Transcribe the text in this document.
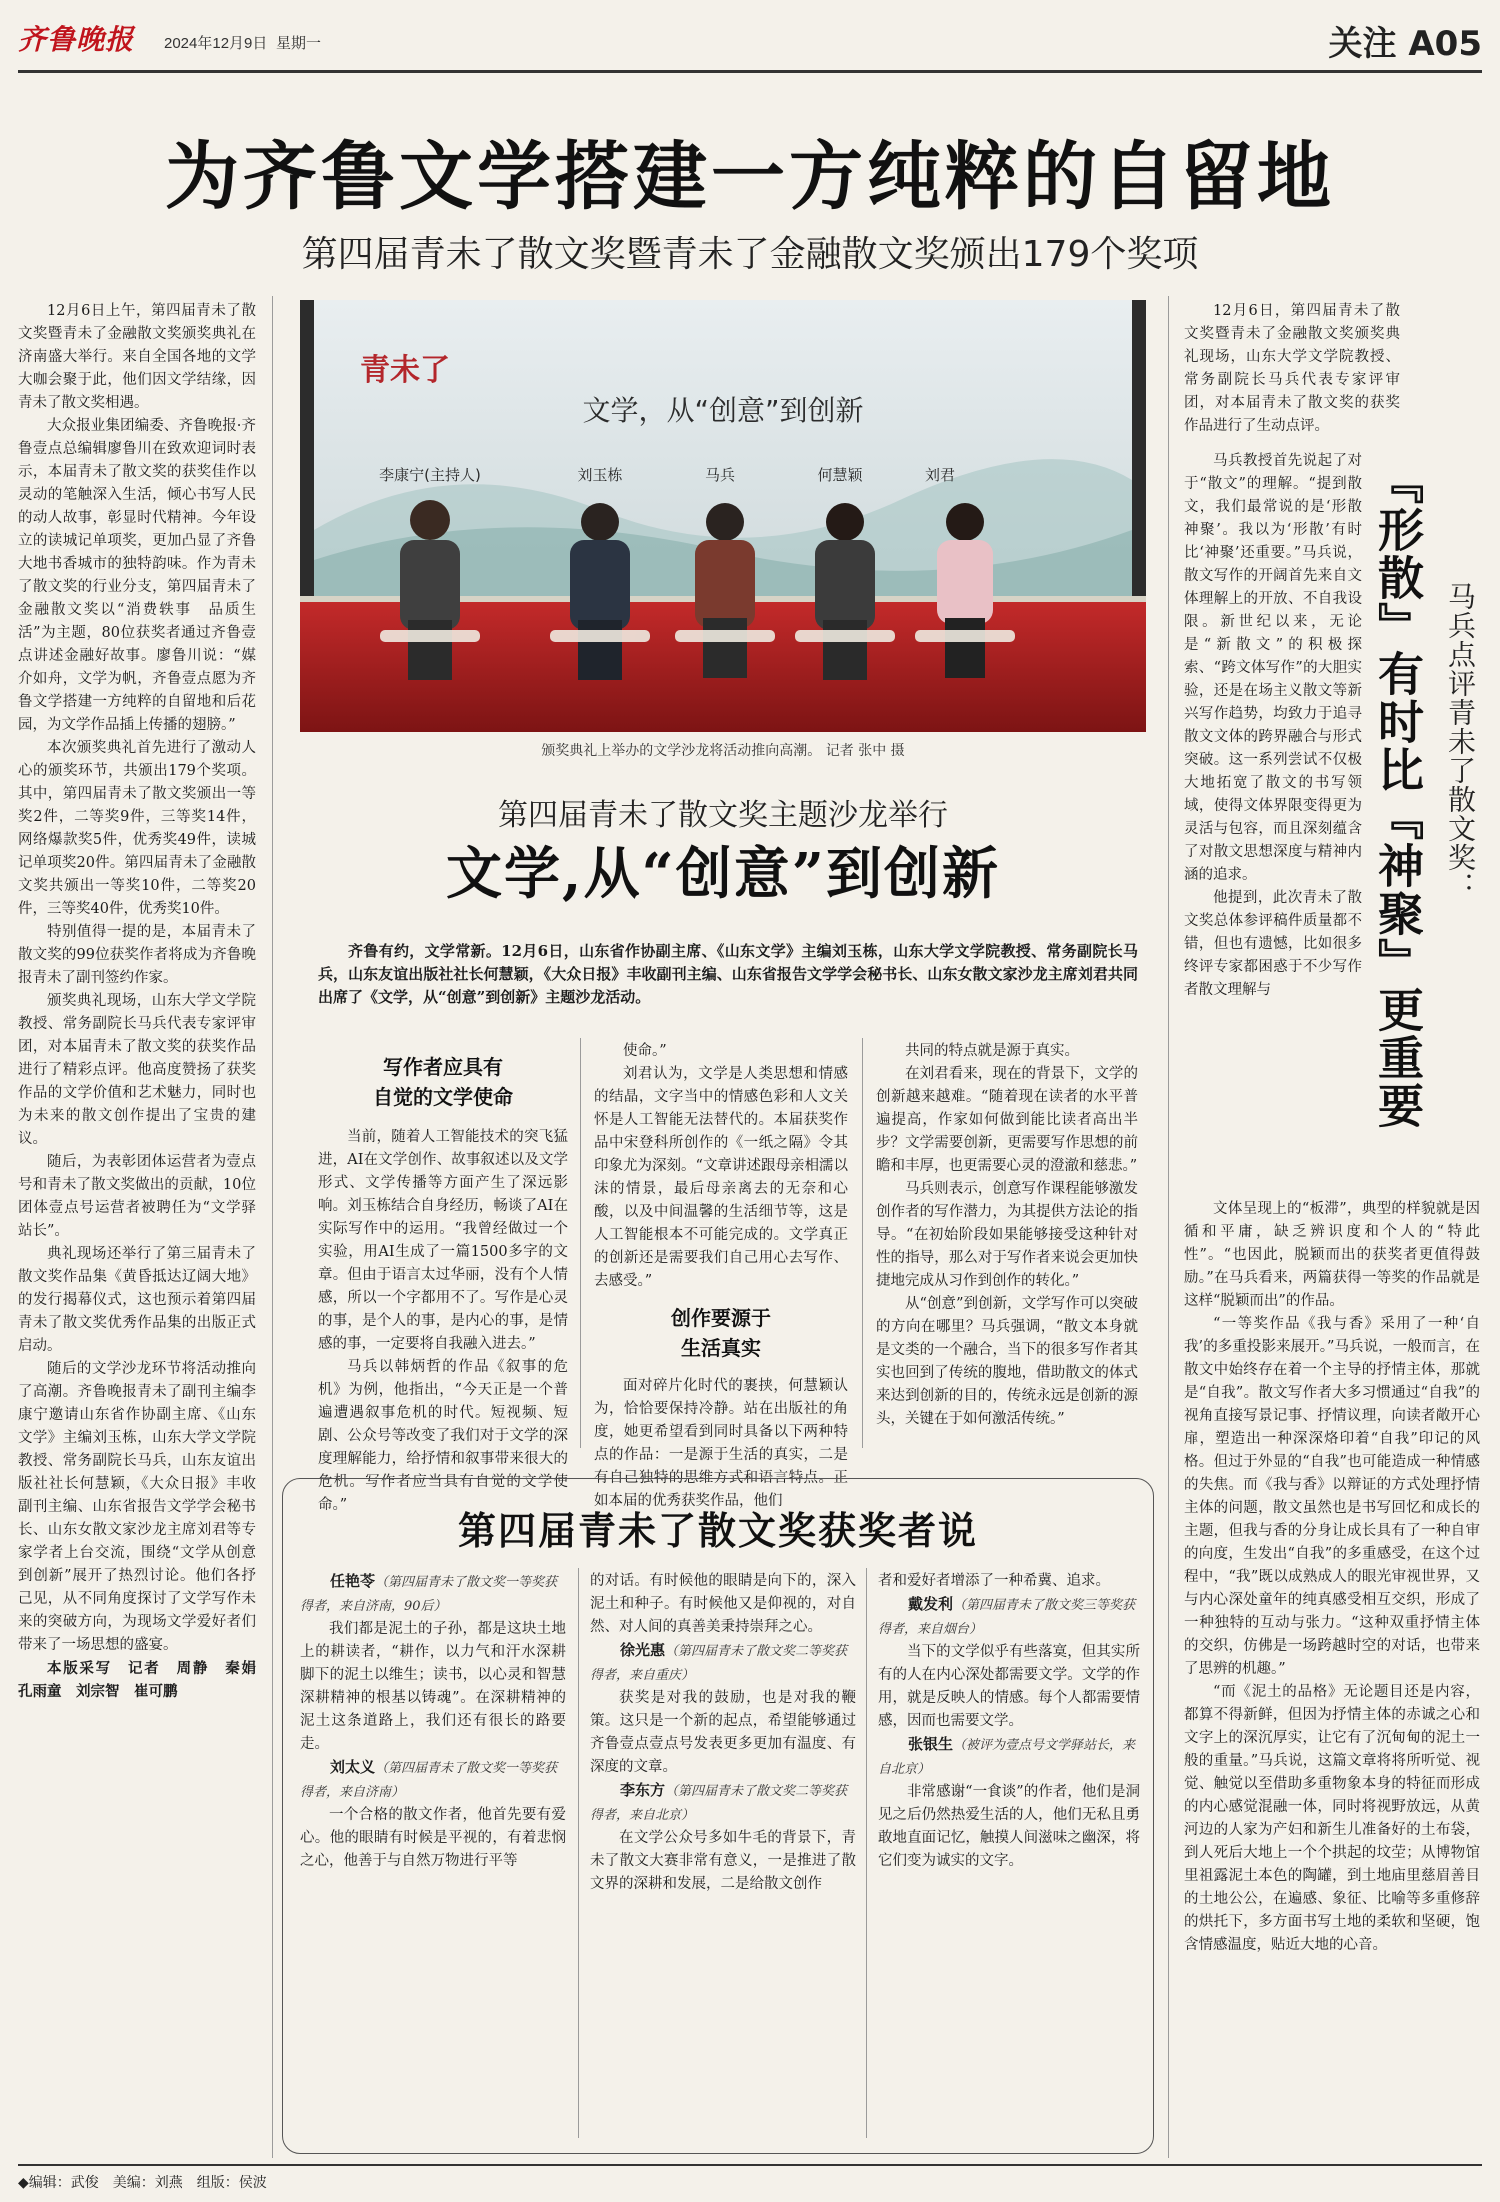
齐鲁晚报 2024年12月9日 星期一	关注 A05
为齐鲁文学搭建一方纯粹的自留地
第四届青未了散文奖暨青未了金融散文奖颁出179个奖项

12月6日上午，第四届青未了散文奖暨青未了金融散文奖颁奖典礼在济南盛大举行。来自全国各地的文学大咖会聚于此，他们因文学结缘，因青未了散文奖相遇。

大众报业集团编委、齐鲁晚报·齐鲁壹点总编辑廖鲁川在致欢迎词时表示，本届青未了散文奖的获奖佳作以灵动的笔触深入生活，倾心书写人民的动人故事，彰显时代精神。今年设立的读城记单项奖，更加凸显了齐鲁大地书香城市的独特韵味。作为青未了散文奖的行业分支，第四届青未了金融散文奖以“消费轶事　品质生活”为主题，80位获奖者通过齐鲁壹点讲述金融好故事。廖鲁川说：“媒介如舟，文学为帆，齐鲁壹点愿为齐鲁文学搭建一方纯粹的自留地和后花园，为文学作品插上传播的翅膀。”

本次颁奖典礼首先进行了激动人心的颁奖环节，共颁出179个奖项。其中，第四届青未了散文奖颁出一等奖2件，二等奖9件，三等奖14件，网络爆款奖5件，优秀奖49件，读城记单项奖20件。第四届青未了金融散文奖共颁出一等奖10件，二等奖20件，三等奖40件，优秀奖10件。

特别值得一提的是，本届青未了散文奖的99位获奖作者将成为齐鲁晚报青未了副刊签约作家。

颁奖典礼现场，山东大学文学院教授、常务副院长马兵代表专家评审团，对本届青未了散文奖的获奖作品进行了精彩点评。他高度赞扬了获奖作品的文学价值和艺术魅力，同时也为未来的散文创作提出了宝贵的建议。

随后，为表彰团体运营者为壹点号和青未了散文奖做出的贡献，10位团体壹点号运营者被聘任为“文学驿站长”。

典礼现场还举行了第三届青未了散文奖作品集《黄昏抵达辽阔大地》的发行揭幕仪式，这也预示着第四届青未了散文奖优秀作品集的出版正式启动。

随后的文学沙龙环节将活动推向了高潮。齐鲁晚报青未了副刊主编李康宁邀请山东省作协副主席、《山东文学》主编刘玉栋，山东大学文学院教授、常务副院长马兵，山东友谊出版社社长何慧颖，《大众日报》丰收副刊主编、山东省报告文学学会秘书长、山东女散文家沙龙主席刘君等专家学者上台交流，围绕“文学从创意到创新”展开了热烈讨论。他们各抒己见，从不同角度探讨了文学写作未来的突破方向，为现场文学爱好者们带来了一场思想的盛宴。

本版采写　记者　周静　秦娟　孔雨童　刘宗智　崔可鹏

青未了
文学，从“创意”到创新
李康宁(主持人)	刘玉栋	马兵	何慧颖	刘君
颁奖典礼上举办的文学沙龙将活动推向高潮。 记者 张中 摄
第四届青未了散文奖主题沙龙举行
文学,从“创意”到创新
齐鲁有约，文学常新。12月6日，山东省作协副主席、《山东文学》主编刘玉栋，山东大学文学院教授、常务副院长马兵，山东友谊出版社社长何慧颖，《大众日报》丰收副刊主编、山东省报告文学学会秘书长、山东女散文家沙龙主席刘君共同出席了《文学，从“创意”到创新》主题沙龙活动。
写作者应具有
自觉的文学使命

当前，随着人工智能技术的突飞猛进，AI在文学创作、故事叙述以及文学形式、文学传播等方面产生了深远影响。刘玉栋结合自身经历，畅谈了AI在实际写作中的运用。“我曾经做过一个实验，用AI生成了一篇1500多字的文章。但由于语言太过华丽，没有个人情感，所以一个字都用不了。写作是心灵的事，是个人的事，是内心的事，是情感的事，一定要将自我融入进去。”

马兵以韩炳哲的作品《叙事的危机》为例，他指出，“今天正是一个普遍遭遇叙事危机的时代。短视频、短剧、公众号等改变了我们对于文学的深度理解能力，给抒情和叙事带来很大的危机。写作者应当具有自觉的文学使命。”

使命。”
刘君认为，文学是人类思想和情感的结晶，文字当中的情感色彩和人文关怀是人工智能无法替代的。本届获奖作品中宋登科所创作的《一纸之隔》令其印象尤为深刻。“文章讲述跟母亲相濡以沫的情景，最后母亲离去的无奈和心酸，以及中间温馨的生活细节等，这是人工智能根本不可能完成的。文学真正的创新还是需要我们自己用心去写作、去感受。”
创作要源于
生活真实
面对碎片化时代的裹挟，何慧颖认为，恰恰要保持冷静。站在出版社的角度，她更希望看到同时具备以下两种特点的作品：一是源于生活的真实，二是有自己独特的思维方式和语言特点。正如本届的优秀获奖作品，他们

共同的特点就是源于真实。

在刘君看来，现在的背景下，文学的创新越来越难。“随着现在读者的水平普遍提高，作家如何做到能比读者高出半步？文学需要创新，更需要写作思想的前瞻和丰厚，也更需要心灵的澄澈和慈悲。”

马兵则表示，创意写作课程能够激发创作者的写作潜力，为其提供方法论的指导。“在初始阶段如果能够接受这种针对性的指导，那么对于写作者来说会更加快捷地完成从习作到创作的转化。”

从“创意”到创新，文学写作可以突破的方向在哪里？马兵强调，“散文本身就是文类的一个融合，当下的很多写作者其实也回到了传统的腹地，借助散文的体式来达到创新的目的，传统永远是创新的源头，关键在于如何激活传统。”

第四届青未了散文奖获奖者说

任艳苓（第四届青未了散文奖一等奖获得者，来自济南，90后）

我们都是泥土的子孙，都是这块土地上的耕读者，“耕作，以力气和汗水深耕脚下的泥土以维生；读书，以心灵和智慧深耕精神的根基以铸魂”。在深耕精神的泥土这条道路上，我们还有很长的路要走。

刘太义（第四届青未了散文奖一等奖获得者，来自济南）

一个合格的散文作者，他首先要有爱心。他的眼睛有时候是平视的，有着悲悯之心，他善于与自然万物进行平等

的对话。有时候他的眼睛是向下的，深入泥土和种子。有时候他又是仰视的，对自然、对人间的真善美秉持崇拜之心。

徐光惠（第四届青未了散文奖二等奖获得者，来自重庆）

获奖是对我的鼓励，也是对我的鞭策。这只是一个新的起点，希望能够通过齐鲁壹点壹点号发表更多更加有温度、有深度的文章。

李东方（第四届青未了散文奖二等奖获得者，来自北京）

在文学公众号多如牛毛的背景下，青未了散文大赛非常有意义，一是推进了散文界的深耕和发展，二是给散文创作

者和爱好者增添了一种希冀、追求。

戴发利（第四届青未了散文奖三等奖获得者，来自烟台）

当下的文学似乎有些落寞，但其实所有的人在内心深处都需要文学。文学的作用，就是反映人的情感。每个人都需要情感，因而也需要文学。

张银生（被评为壹点号文学驿站长，来自北京）

非常感谢“一食谈”的作者，他们是洞见之后仍然热爱生活的人，他们无私且勇敢地直面记忆，触摸人间滋味之幽深，将它们变为诚实的文字。

12月6日，第四届青未了散文奖暨青未了金融散文奖颁奖典礼现场，山东大学文学院教授、常务副院长马兵代表专家评审团，对本届青未了散文奖的获奖作品进行了生动点评。

马兵教授首先说起了对于“散文”的理解。“提到散文，我们最常说的是‘形散神聚’。我以为‘形散’有时比‘神聚’还重要。”马兵说，散文写作的开阔首先来自文体理解上的开放、不自我设限。新世纪以来，无论是“新散文”的积极探索、“跨文体写作”的大胆实验，还是在场主义散文等新兴写作趋势，均致力于追寻散文文体的跨界融合与形式突破。这一系列尝试不仅极大地拓宽了散文的书写领域，使得文体界限变得更为灵活与包容，而且深刻蕴含了对散文思想深度与精神内涵的追求。

他提到，此次青未了散文奖总体参评稿件质量都不错，但也有遗憾，比如很多终评专家都困惑于不少写作者散文理解与	『形散』有时比『神聚』更重要 马兵点评青未了散文奖：

文体呈现上的“板滞”，典型的样貌就是因循和平庸，缺乏辨识度和个人的“特此性”。“也因此，脱颖而出的获奖者更值得鼓励。”在马兵看来，两篇获得一等奖的作品就是这样“脱颖而出”的作品。

“一等奖作品《我与香》采用了一种‘自我’的多重投影来展开。”马兵说，一般而言，在散文中始终存在着一个主导的抒情主体，那就是“自我”。散文写作者大多习惯通过“自我”的视角直接写景记事、抒情议理，向读者敞开心扉，塑造出一种深深烙印着“自我”印记的风格。但过于外显的“自我”也可能造成一种情感的失焦。而《我与香》以辩证的方式处理抒情主体的问题，散文虽然也是书写回忆和成长的主题，但我与香的分身让成长具有了一种自审的向度，生发出“自我”的多重感受，在这个过程中，“我”既以成熟成人的眼光审视世界，又与内心深处童年的纯真感受相互交织，形成了一种独特的互动与张力。“这种双重抒情主体的交织，仿佛是一场跨越时空的对话，也带来了思辨的机趣。”

“而《泥土的品格》无论题目还是内容，都算不得新鲜，但因为抒情主体的赤诚之心和文字上的深沉厚实，让它有了沉甸甸的泥土一般的重量。”马兵说，这篇文章将将所听觉、视觉、触觉以至借助多重物象本身的特征而形成的内心感觉混融一体，同时将视野放远，从黄河边的人家为产妇和新生儿准备好的土布袋，到人死后大地上一个个拱起的坟茔；从博物馆里祖露泥土本色的陶罐，到土地庙里慈眉善目的土地公公，在遍感、象征、比喻等多重修辞的烘托下，多方面书写土地的柔软和坚硬，饱含情感温度，贴近大地的心音。

◆编辑：武俊　美编：刘燕　组版：侯波
